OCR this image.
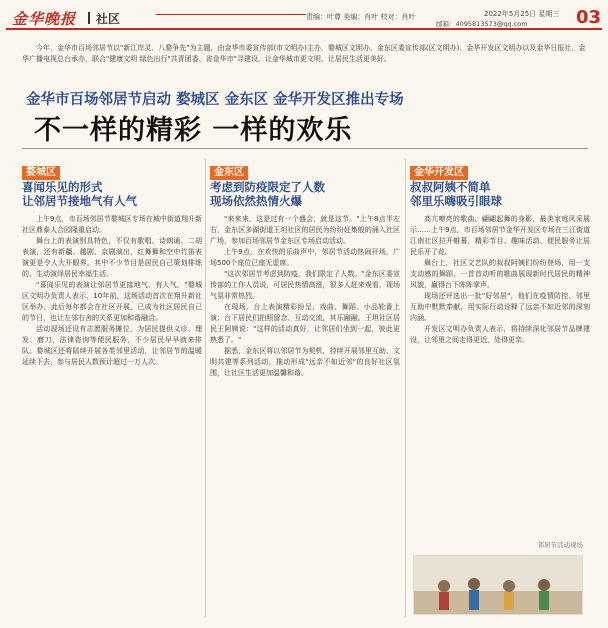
金华晚报 社区	责编：叶尊 美编：肖叶 校对：肖叶	2022年5月25日 星期三
邮箱：4095813573@qq.com	03
今年，金华市百场邻居节以"新江岸灵、八婺争先"为主题，由金华市委宣传部(市文明办)主办，婺城区文明办、金东区委宣传部(区文明办)、金华开发区文明办以及金华日报社、金华广播电视总台承办，联合"健康文明 绿色出行"共青团委、省金华市"寻建设、让金华城市更文明，让居民生活更美好。
金华市百场邻居节启动 婺城区 金东区 金华开发区推出专场
不一样的精彩 一样的欢乐
婺城区
喜闻乐见的形式
让邻居节接地气有人气

上午9点，市百场邻居节婺城区专场在城中街道翔升新社区鼎泰人合园隆重启动。

舞台上的表演别具特色，不仅有歌唱、诗朗诵、二胡表演，还有新疆、越剧、京剧演出，红舞舞和空中竹笛表演更是令人大开眼界。其中不少节目是居民自己策划排练的，生动演绎居民幸福生活。

"喜闻乐见的表演让邻居节更接地气、有人气。"婺城区文明办负责人表示，10年前，这场活动首次在翔升新社区举办，此后每年都会在社区开展，已成为社区居民自己的节日，也让左邻右舍的关系更加和谐融洽。

活动现场还设有志愿服务摊位，为居民提供义诊、理发、磨刀、法律咨询等便民服务，不少居民早早就来排队。婺城区还将陆续开展各类邻里活动，让邻居节的温暖延续下去，参与居民人数预计超过一万人次。

金东区
考虑到防疫限定了人数
现场依然热情火爆

"来来来，这是过有一个盛会，就是这节。"上午8点半左右，金东区多湖街道王坦社区的居民为纷纷赶集般的涌入社区广场，参加百场邻居节金东区专场启动活动。

上午9点，在欢快的乐曲声中，邻居节活动热闹开场，广场500个座位已座无虚席。

"这次邻居节考虑到防疫，我们限定了人数。"金东区委宣传部的工作人员说，可居民热情高涨，很多人赶来观看，现场气氛非常热烈。

在现场，台上表演精彩纷呈，戏曲、舞蹈、小品轮番上演；台下居民们拍照留念、互动交流，其乐融融。王坦社区居民王阿姨说："这样的活动真好，让邻居们坐到一起，彼此更熟悉了。"

据悉，金东区将以邻居节为契机，持续开展邻里互助、文明共建等系列活动，推动形成"远亲不如近邻"的良好社区氛围，让社区生活更加温馨和谐。

金华开发区
叔叔阿姨不简单
邻里乐嗨吸引眼球

高亢嘹亮的歌曲、翩翩起舞的身影，最美家庭风采展示……上午9点，市百场邻居节金华开发区专场在三江街道江南社区拉开帷幕，精彩节目、趣味活动、便民服务让居民乐开了花。

舞台上，社区文艺队的叔叔阿姨们纷纷登场，用一支支动感的舞蹈、一首首动听的歌曲展现新时代居民的精神风貌，赢得台下阵阵掌声。

现场还评选出一批"好邻居"，他们在疫情防控、邻里互助中默默奉献，用实际行动诠释了远亲不如近邻的深刻内涵。

开发区文明办负责人表示，将持续深化邻居节品牌建设，让邻里之间走得更近、处得更亲。

邻居节活动现场
